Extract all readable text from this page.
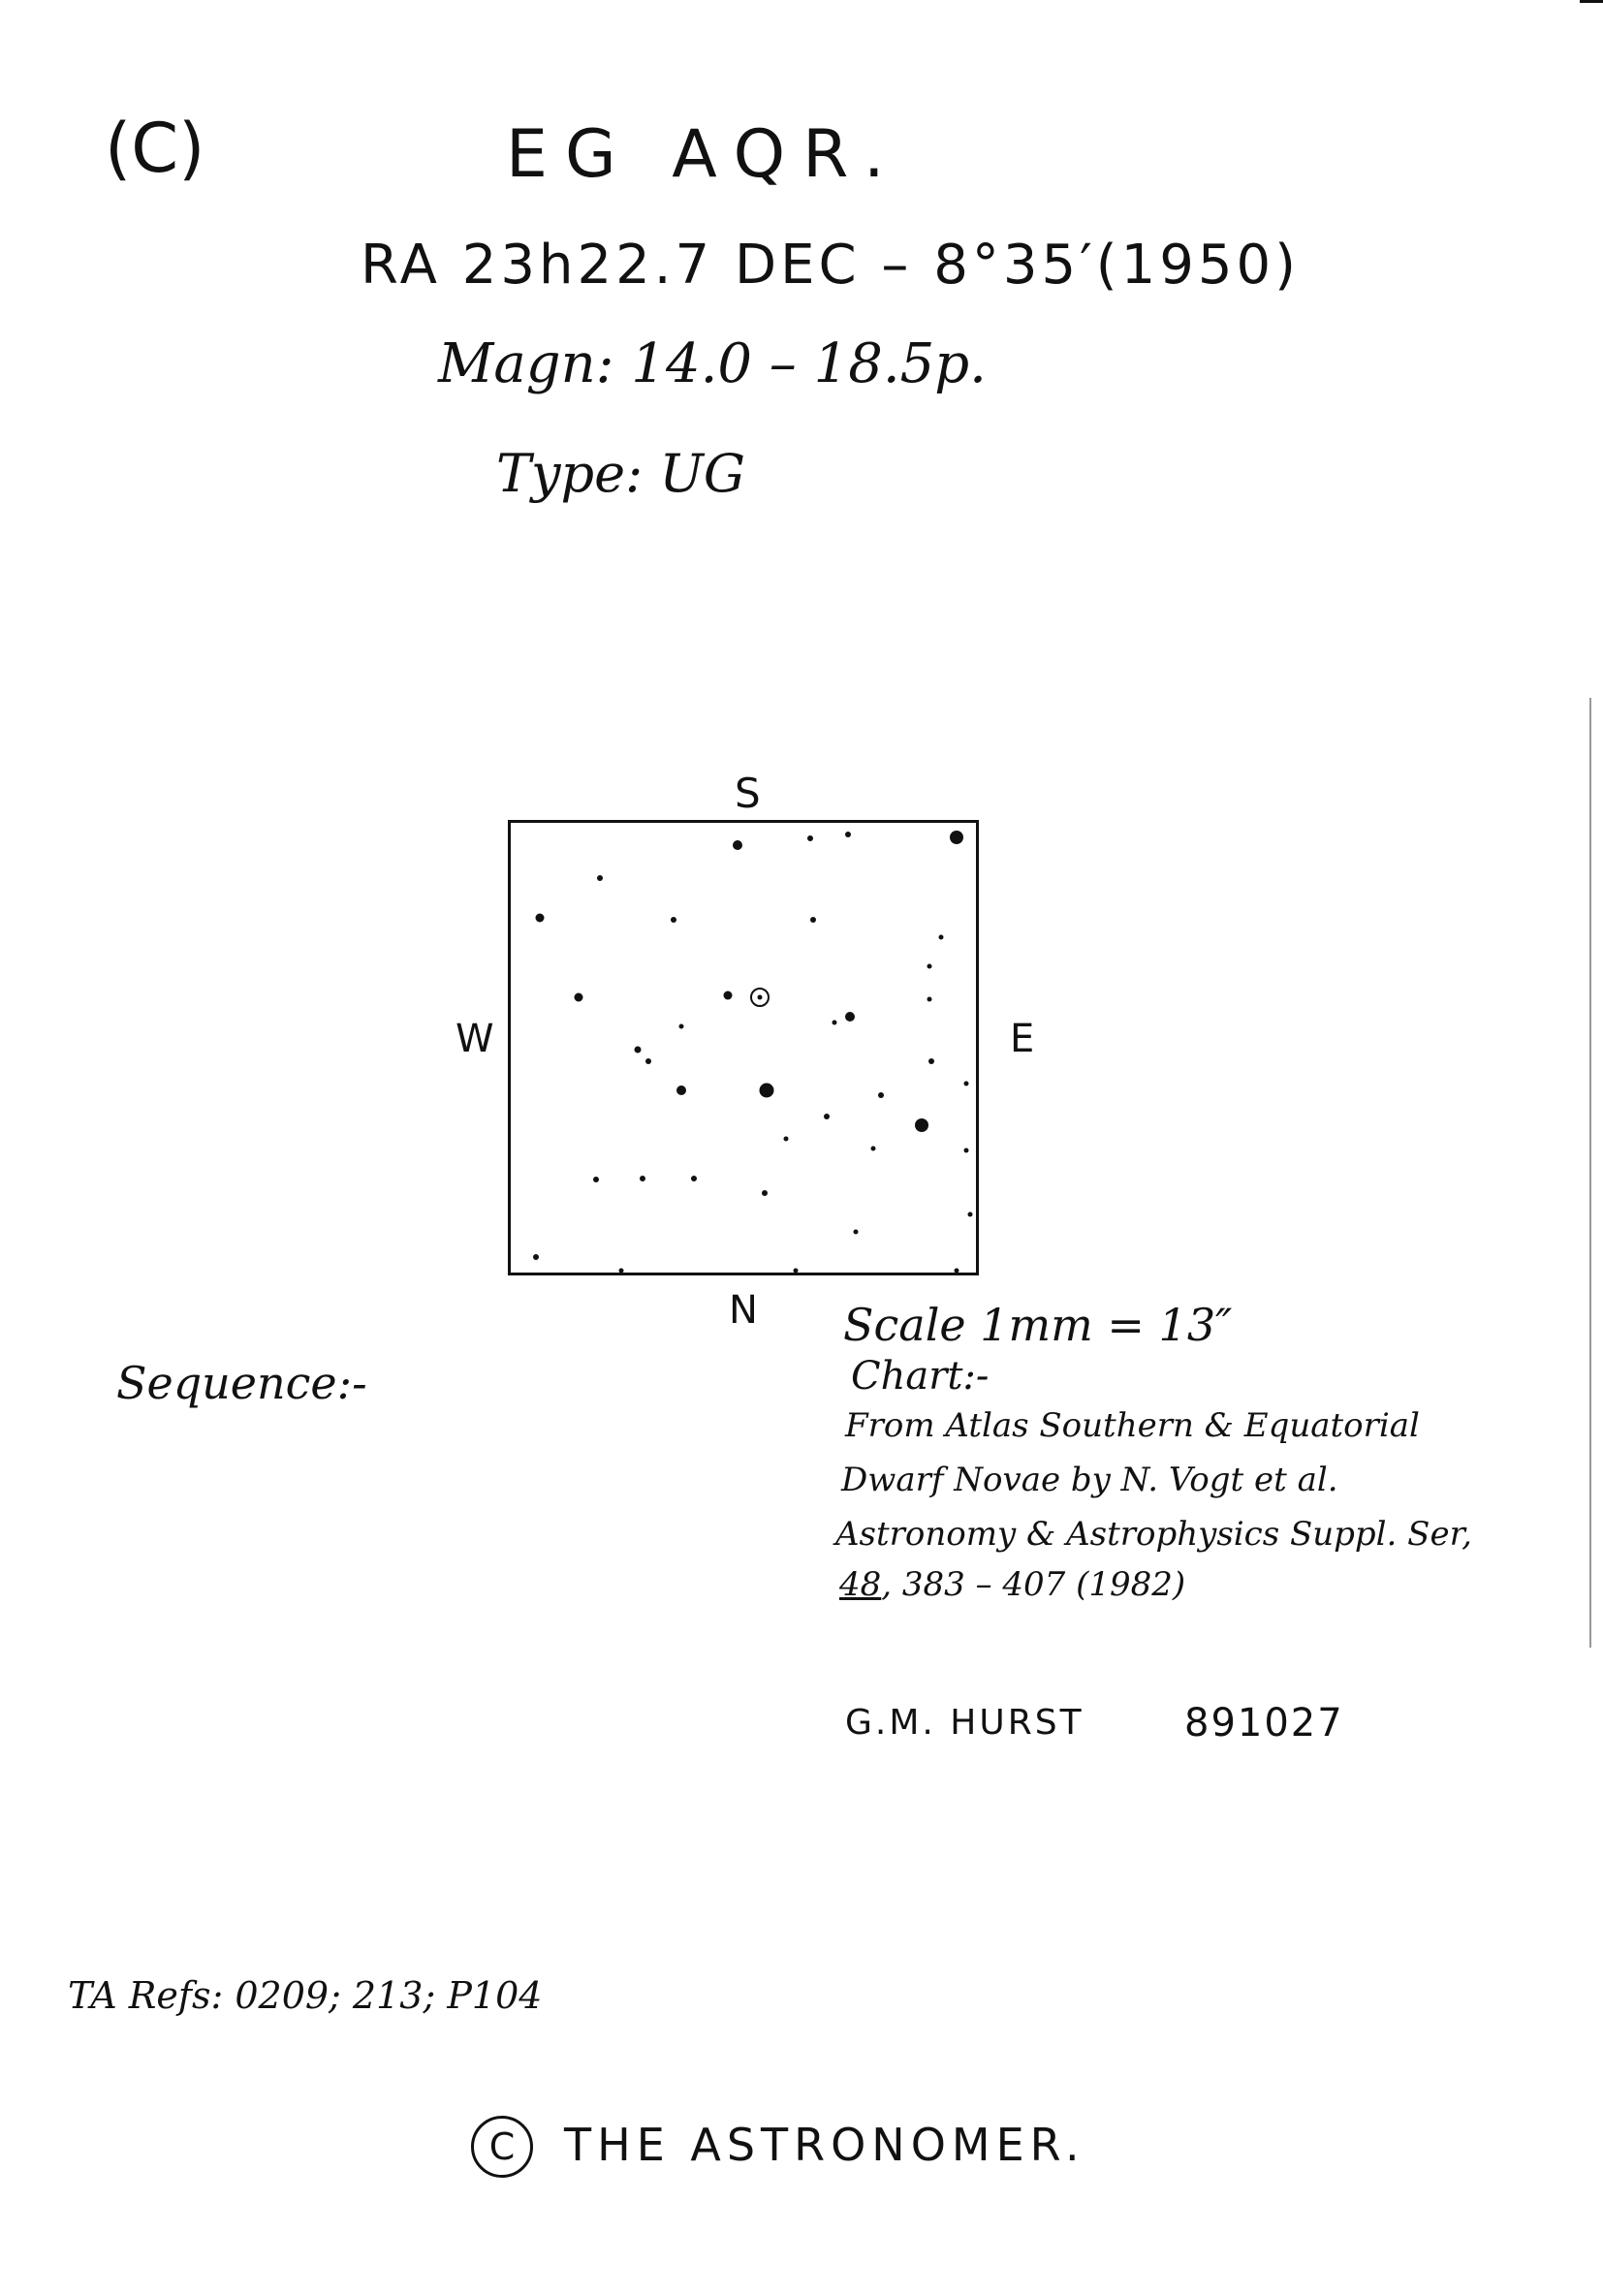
(C)	EG AQR.
RA 23h22.7 DEC – 8°35′(1950)
Magn: 14.0 – 18.5p.
Type: UG
S
N
W	E
Sequence:-
Scale 1mm = 13″
Chart:-
From Atlas Southern & Equatorial
Dwarf Novae by N. Vogt et al.
Astronomy & Astrophysics Suppl. Ser,
48, 383 – 407 (1982)
G.M. HURST	891027
TA Refs: 0209; 213; P104
C	THE ASTRONOMER.
